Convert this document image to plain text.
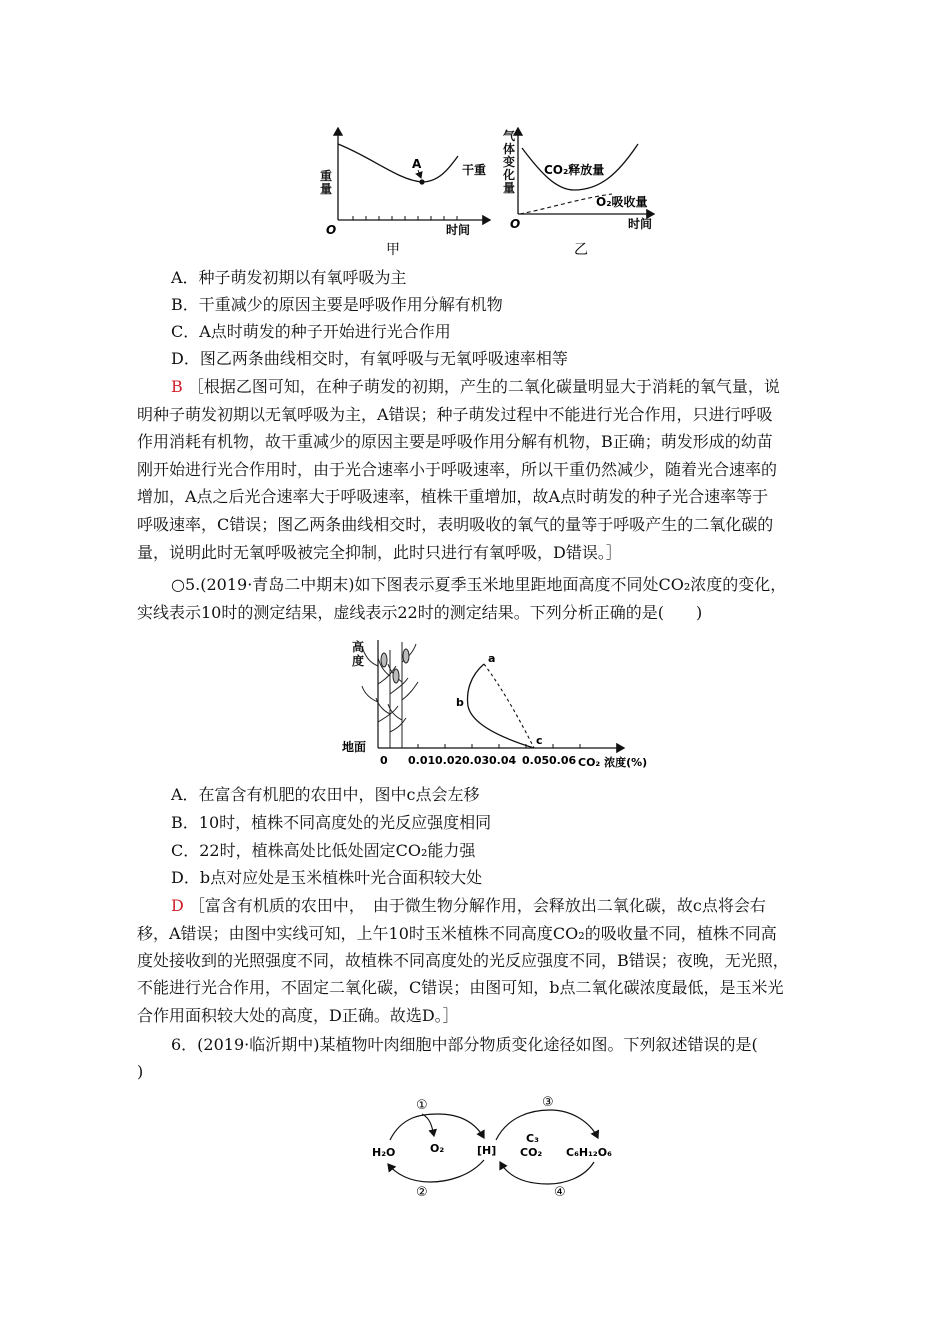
A	干重
O	时间
甲
重量
CO₂释放量
O₂吸收量
O	时间
乙
气体变化量
A．种子萌发初期以有氧呼吸为主
B．干重减少的原因主要是呼吸作用分解有机物
C．A点时萌发的种子开始进行光合作用
D．图乙两条曲线相交时，有氧呼吸与无氧呼吸速率相等
B ［根据乙图可知，在种子萌发的初期，产生的二氧化碳量明显大于消耗的氧气量，说
明种子萌发初期以无氧呼吸为主，A错误；种子萌发过程中不能进行光合作用，只进行呼吸
作用消耗有机物，故干重减少的原因主要是呼吸作用分解有机物，B正确；萌发形成的幼苗
刚开始进行光合作用时，由于光合速率小于呼吸速率，所以干重仍然减少，随着光合速率的
增加，A点之后光合速率大于呼吸速率，植株干重增加，故A点时萌发的种子光合速率等于
呼吸速率，C错误；图乙两条曲线相交时，表明吸收的氧气的量等于呼吸产生的二氧化碳的
量，说明此时无氧呼吸被完全抑制，此时只进行有氧呼吸，D错误。］
○5.(2019·青岛二中期末)如下图表示夏季玉米地里距地面高度不同处CO₂浓度的变化，
实线表示10时的测定结果，虚线表示22时的测定结果。下列分析正确的是(　　)
a
b
c
地面
0 0.01 0.02 0.03 0.04 0.05 0.06 CO₂ 浓度(%)
高度
A．在富含有机肥的农田中，图中c点会左移
B．10时，植株不同高度处的光反应强度相同
C．22时，植株高处比低处固定CO₂能力强
D．b点对应处是玉米植株叶光合面积较大处
D ［富含有机质的农田中，　由于微生物分解作用，会释放出二氧化碳，故c点将会右
移，A错误；由图中实线可知，上午10时玉米植株不同高度CO₂的吸收量不同，植株不同高
度处接收到的光照强度不同，故植株不同高度处的光反应强度不同，B错误；夜晚，无光照，
不能进行光合作用，不固定二氧化碳，C错误；由图可知，b点二氧化碳浓度最低，是玉米光
合作用面积较大处的高度，D正确。故选D。］
6．(2019·临沂期中)某植物叶肉细胞中部分物质变化途径如图。下列叙述错误的是(
)
①
②
③
④
H₂O	O₂	[H]
C₃
CO₂ C₆H₁₂O₆
